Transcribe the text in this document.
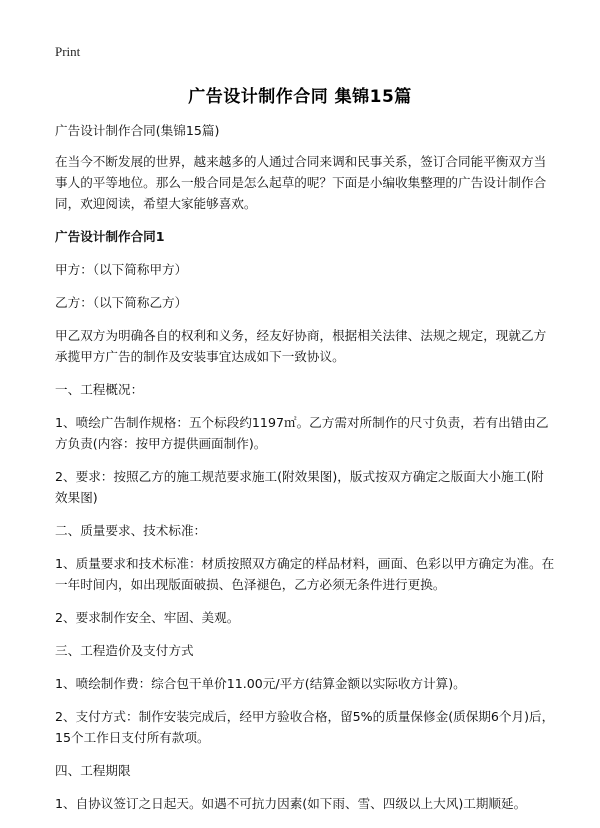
Print
广告设计制作合同 集锦15篇

广告设计制作合同(集锦15篇)

在当今不断发展的世界，越来越多的人通过合同来调和民事关系，签订合同能平衡双方当事人的平等地位。那么一般合同是怎么起草的呢？下面是小编收集整理的广告设计制作合同，欢迎阅读，希望大家能够喜欢。

广告设计制作合同1

甲方：（以下简称甲方）

乙方：（以下简称乙方）

甲乙双方为明确各自的权利和义务，经友好协商，根据相关法律、法规之规定，现就乙方承揽甲方广告的制作及安装事宜达成如下一致协议。

一、工程概况：

1、喷绘广告制作规格：五个标段约1197㎡。乙方需对所制作的尺寸负责，若有出错由乙方负责(内容：按甲方提供画面制作)。

2、要求：按照乙方的施工规范要求施工(附效果图)，版式按双方确定之版面大小施工(附效果图)

二、质量要求、技术标准：

1、质量要求和技术标准：材质按照双方确定的样品材料，画面、色彩以甲方确定为准。在一年时间内，如出现版面破损、色泽褪色，乙方必须无条件进行更换。

2、要求制作安全、牢固、美观。

三、工程造价及支付方式

1、喷绘制作费：综合包干单价11.00元/平方(结算金额以实际收方计算)。

2、支付方式：制作安装完成后，经甲方验收合格，留5%的质量保修金(质保期6个月)后，15个工作日支付所有款项。

四、工程期限

1、自协议签订之日起天。如遇不可抗力因素(如下雨、雪、四级以上大风)工期顺延。
